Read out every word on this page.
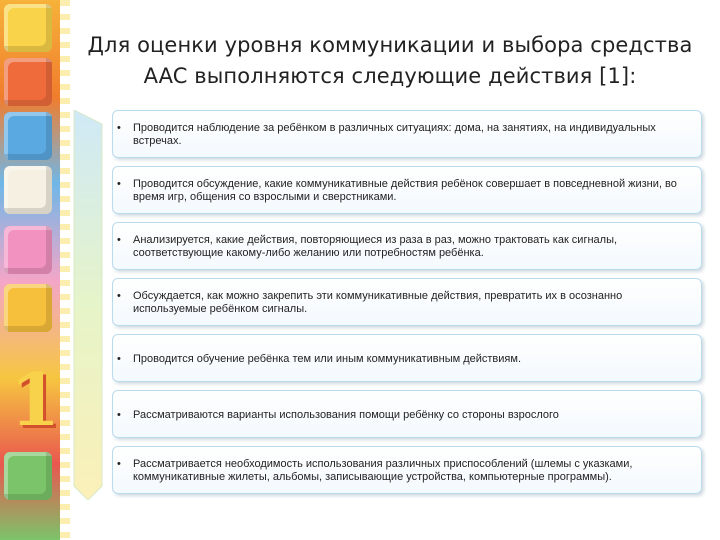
1
Для оценки уровня коммуникации и выбора средства AAC выполняются следующие действия [1]:
• Проводится наблюдение за ребёнком в различных ситуациях: дома, на занятиях, на индивидуальных встречах.
• Проводится обсуждение, какие коммуникативные действия ребёнок совершает в повседневной жизни, во время игр, общения со взрослыми и сверстниками.
• Анализируется, какие действия, повторяющиеся из раза в раз, можно трактовать как сигналы, соответствующие какому-либо желанию или потребностям ребёнка.
• Обсуждается, как можно закрепить эти коммуникативные действия, превратить их в осознанно используемые ребёнком сигналы.
• Проводится обучение ребёнка тем или иным коммуникативным действиям.
• Рассматриваются варианты использования помощи ребёнку со стороны взрослого
• Рассматривается необходимость использования различных приспособлений (шлемы с указками, коммуникативные жилеты, альбомы, записывающие устройства, компьютерные программы).
